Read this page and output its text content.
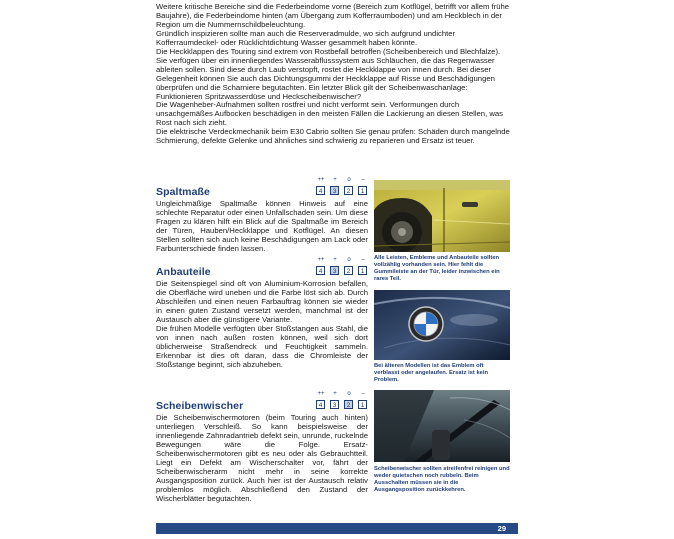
Weitere kritische Bereiche sind die Federbeindome vorne (Bereich zum Kotflügel, betrifft vor allem frühe Baujahre), die Federbeindome hinten (am Übergang zum Kofferraumboden) und am Heckblech in der Region um die Nummernschildbeleuchtung.

Gründlich inspizieren sollte man auch die Reserveradmulde, wo sich aufgrund undichter Kofferraumdeckel- oder Rücklichtdichtung Wasser gesammelt haben könnte.

Die Heckklappen des Touring sind extrem von Rostbefall betroffen (Scheibenbereich und Blechfalze). Sie verfügen über ein innenliegendes Wasserabflusssystem aus Schläuchen, die das Regenwasser ableiten sollen. Sind diese durch Laub verstopft, rostet die Heckklappe von innen durch. Bei dieser Gelegenheit können Sie auch das Dichtungsgummi der Heckklappe auf Risse und Beschädigungen überprüfen und die Scharniere begutachten. Ein letzter Blick gilt der Scheibenwaschanlage: Funktionieren Spritzwasserdüse und Heckscheibenwischer?

Die Wagenheber-Aufnahmen sollten rostfrei und nicht verformt sein. Verformungen durch unsachgemäßes Aufbocken beschädigen in den meisten Fällen die Lackierung an diesen Stellen, was Rost nach sich zieht.

Die elektrische Verdeckmechanik beim E30 Cabrio sollten Sie genau prüfen: Schäden durch mangelnde Schmierung, defekte Gelenke und ähnliches sind schwierig zu reparieren und Ersatz ist teuer.

Spaltmaße
++	+	o	–
4	3	2	1

Ungleichmäßige Spaltmaße können Hinweis auf eine schlechte Reparatur oder einen Unfallschaden sein. Um diese Fragen zu klären hilft ein Blick auf die Spaltmaße im Bereich der Türen, Hauben/Heckklappe und Kotflügel. An diesen Stellen sollten sich auch keine Beschädigungen am Lack oder Farbunterschiede finden lassen.

Anbauteile
++	+	o	–
4	3	2	1

Die Seitenspiegel sind oft von Aluminium-Korrosion befallen, die Oberfläche wird uneben und die Farbe löst sich ab. Durch Abschleifen und einen neuen Farbauftrag können sie wieder in einen guten Zustand versetzt werden, manchmal ist der Austausch aber die günstigere Variante.

Die frühen Modelle verfügten über Stoßstangen aus Stahl, die von innen nach außen rosten können, weil sich dort üblicherweise Straßendreck und Feuchtigkeit sammeln. Erkennbar ist dies oft daran, dass die Chromleiste der Stoßstange beginnt, sich abzuheben.

Scheibenwischer
++	+	o	–
4	3	2	1

Die Scheibenwischermotoren (beim Touring auch hinten) unterliegen Verschleiß. So kann beispielsweise der innenliegende Zahnradantrieb defekt sein, unrunde, ruckelnde Bewegungen wäre die Folge. Ersatz-Scheibenwischermotoren gibt es neu oder als Gebrauchtteil. Liegt ein Defekt am Wischerschalter vor, fährt der Scheibenwischerarm nicht mehr in seine korrekte Ausgangsposition zurück. Auch hier ist der Austausch relativ problemlos möglich. Abschließend den Zustand der Wischerblätter begutachten.

Alle Leisten, Embleme und Anbauteile sollten vollzählig vorhanden sein. Hier fehlt die Gummileiste an der Tür, leider inzwischen ein rares Teil.
Bei älteren Modellen ist das Emblem oft verblasst oder angelaufen. Ersatz ist kein Problem.
Scheibenwischer sollten streifenfrei reinigen und weder quietschen noch rubbeln. Beim Ausschalten müssen sie in die Ausgangsposition zurückkehren.
29
